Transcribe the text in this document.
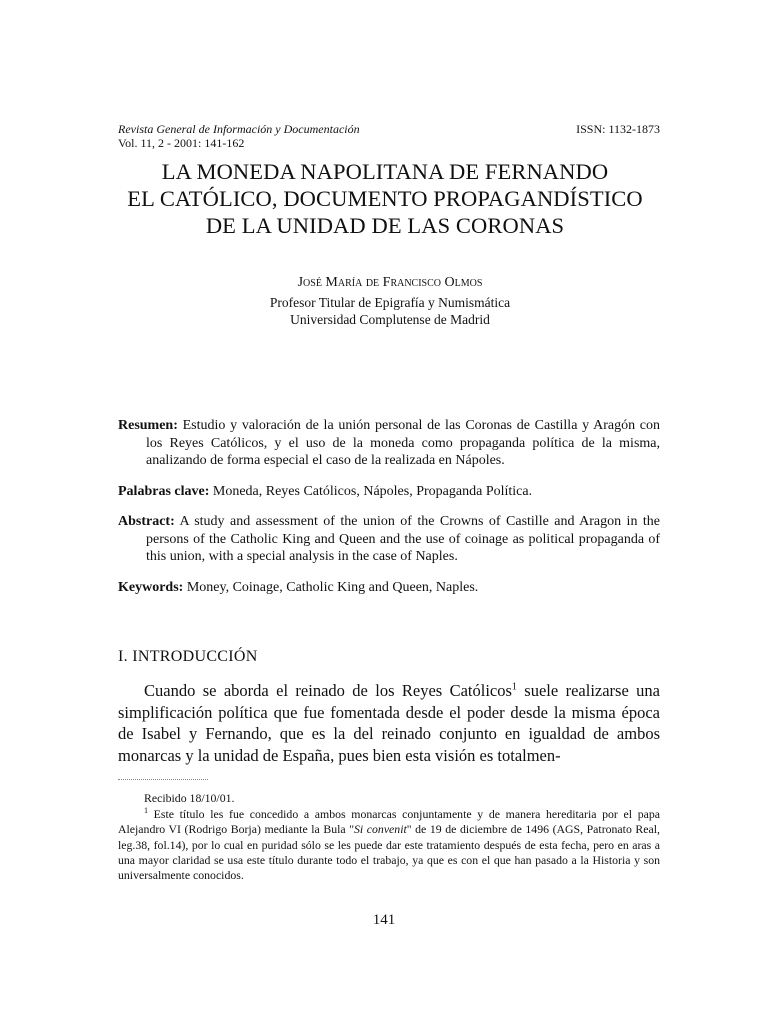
Revista General de Información y Documentación
Vol. 11, 2 - 2001: 141-162
ISSN: 1132-1873
LA MONEDA NAPOLITANA DE FERNANDO
EL CATÓLICO, DOCUMENTO PROPAGANDÍSTICO
DE LA UNIDAD DE LAS CORONAS
José María de Francisco Olmos
Profesor Titular de Epigrafía y Numismática
Universidad Complutense de Madrid

Resumen: Estudio y valoración de la unión personal de las Coronas de Castilla y Aragón con los Reyes Católicos, y el uso de la moneda como propaganda política de la misma, analizando de forma especial el caso de la realizada en Nápoles.

Palabras clave: Moneda, Reyes Católicos, Nápoles, Propaganda Política.

Abstract: A study and assessment of the union of the Crowns of Castille and Aragon in the persons of the Catholic King and Queen and the use of coinage as political propaganda of this union, with a special analysis in the case of Naples.

Keywords: Money, Coinage, Catholic King and Queen, Naples.

I. INTRODUCCIÓN

Cuando se aborda el reinado de los Reyes Católicos$^1$ suele realizarse una simplificación política que fue fomentada desde el poder desde la misma época de Isabel y Fernando, que es la del reinado conjunto en igualdad de ambos monarcas y la unidad de España, pues bien esta visión es totalmen-

Recibido 18/10/01.

$^1$ Este título les fue concedido a ambos monarcas conjuntamente y de manera hereditaria por el papa Alejandro VI (Rodrigo Borja) mediante la Bula "Si convenit" de 19 de diciembre de 1496 (AGS, Patronato Real, leg.38, fol.14), por lo cual en puridad sólo se les puede dar este tratamiento después de esta fecha, pero en aras a una mayor claridad se usa este título durante todo el trabajo, ya que es con el que han pasado a la Historia y son universalmente conocidos.

141
